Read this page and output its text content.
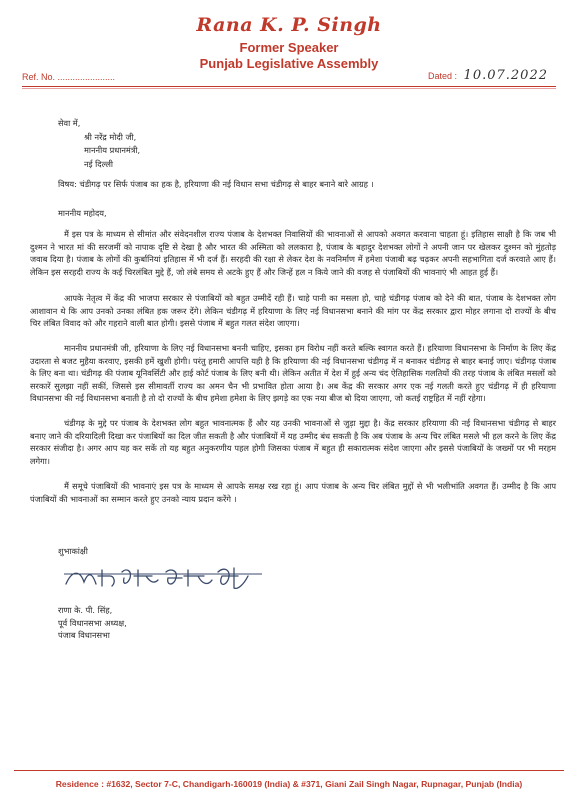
Rana K. P. Singh
Former Speaker
Punjab Legislative Assembly
Ref. No. .......................	Dated : 10.07.2022
सेवा में,
श्री नरेंद्र मोदी जी,
माननीय प्रधानमंत्री,
नई दिल्ली
विषय: चंडीगढ़ पर सिर्फ पंजाब का हक है, हरियाणा की नई विधान सभा चंडीगढ़ से बाहर बनाने बारे आग्रह ।
माननीय महोदय,
मैं इस पत्र के माध्यम से सीमांत और संवेदनशील राज्य पंजाब के देशभक्त निवासियों की भावनाओं से आपको अवगत करवाना चाहता हूं। इतिहास साक्षी है कि जब भी दुश्मन ने भारत मां की सरजमीं को नापाक दृष्टि से देखा है और भारत की अस्मिता को ललकारा है, पंजाब के बहादुर देशभक्त लोगों ने अपनी जान पर खेलकर दुश्मन को मुंहतोड़ जवाब दिया है। पंजाब के लोगों की कुर्बानियां इतिहास में भी दर्ज हैं। सरहदी की रक्षा से लेकर देश के नवनिर्माण में हमेशा पंजाबी बढ़ चढ़कर अपनी सहभागिता दर्ज करवाते आए हैं। लेकिन इस सरहदी राज्य के कई चिरलंबित मुद्दे हैं, जो लंबे समय से अटके हुए हैं और जिन्हें हल न किये जाने की वजह से पंजाबियों की भावनाएं भी आहत हुई हैं।
आपके नेतृत्व में केंद्र की भाजपा सरकार से पंजाबियों को बहुत उम्मीदें रही हैं। चाहे पानी का मसला हो, चाहे चंडीगढ़ पंजाब को देने की बात, पंजाब के देशभक्त लोग आशावान थे कि आप उनको उनका लंबित हक जरूर देंगे। लेकिन चंडीगढ़ में हरियाणा के लिए नई विधानसभा बनाने की मांग पर केंद्र सरकार द्वारा मोहर लगाना दो राज्यों के बीच चिर लंबित विवाद को और गहराने वाली बात होगी। इससे पंजाब में बहुत गलत संदेश जाएगा।
माननीय प्रधानमंत्री जी, हरियाणा के लिए नई विधानसभा बननी चाहिए, इसका हम विरोध नहीं करते बल्कि स्वागत करते हैं। हरियाणा विधानसभा के निर्माण के लिए केंद्र उदारता से बजट मुहैया करवाए, इसकी हमें खुशी होगी। परंतु हमारी आपत्ति यही है कि हरियाणा की नई विधानसभा चंडीगढ़ में न बनाकर चंडीगढ़ से बाहर बनाई जाए। चंडीगढ़ पंजाब के लिए बना था। चंडीगढ़ की पंजाब यूनिवर्सिटी और हाई कोर्ट पंजाब के लिए बनी थी। लेकिन अतीत में देश में हुई अन्य चंद ऐतिहासिक गलतियों की तरह पंजाब के लंबित मसलों को सरकारें सुलझा नहीं सकीं, जिससे इस सीमावर्ती राज्य का अमन चैन भी प्रभावित होता आया है। अब केंद्र की सरकार अगर एक नई गलती करते हुए चंडीगढ़ में ही हरियाणा विधानसभा की नई विधानसभा बनाती है तो दो राज्यों के बीच हमेशा हमेशा के लिए झगड़े का एक नया बीज बो दिया जाएगा, जो कतई राष्ट्रहित में नहीं रहेगा।
चंडीगढ़ के मुद्दे पर पंजाब के देशभक्त लोग बहुत भावनात्मक हैं और यह उनकी भावनाओं से जुड़ा मुद्दा है। केंद्र सरकार हरियाणा की नई विधानसभा चंडीगढ़ से बाहर बनाए जाने की दरियादिली दिखा कर पंजाबियों का दिल जीत सकती है और पंजाबियों में यह उम्मीद बंध सकती है कि अब पंजाब के अन्य चिर लंबित मसले भी हल करने के लिए केंद्र सरकार संजीदा है। अगर आप यह कर सकें तो यह बहुत अनुकरणीय पहल होगी जिसका पंजाब में बहुत ही सकारात्मक संदेश जाएगा और इससे पंजाबियों के जख्मों पर भी मरहम लगेगा।
मैं समूचे पंजाबियों की भावनाएं इस पत्र के माध्यम से आपके समक्ष रख रहा हूं। आप पंजाब के अन्य चिर लंबित मुद्दों से भी भलीभांति अवगत हैं। उम्मीद है कि आप पंजाबियों की भावनाओं का सम्मान करते हुए उनको न्याय प्रदान करेंगे ।
शुभाकांक्षी
राणा के. पी. सिंह,
पूर्व विधानसभा अध्यक्ष,
पंजाब विधानसभा
Residence : #1632, Sector 7-C, Chandigarh-160019 (India) & #371, Giani Zail Singh Nagar, Rupnagar, Punjab (India)
